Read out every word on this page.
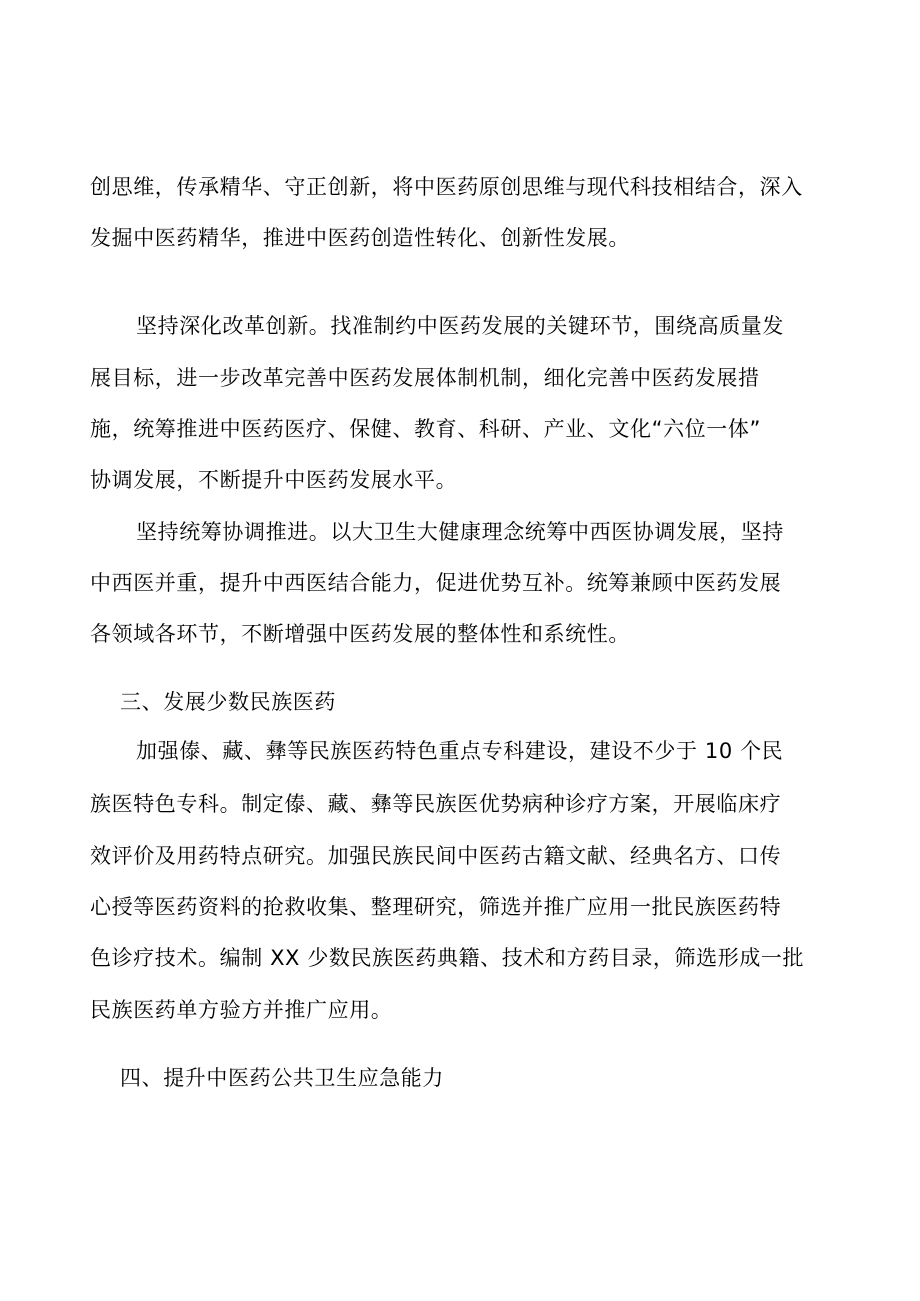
创思维，传承精华、守正创新，将中医药原创思维与现代科技相结合，深入
发掘中医药精华，推进中医药创造性转化、创新性发展。
坚持深化改革创新。找准制约中医药发展的关键环节，围绕高质量发
展目标，进一步改革完善中医药发展体制机制，细化完善中医药发展措
施，统筹推进中医药医疗、保健、教育、科研、产业、文化“六位一体”
协调发展，不断提升中医药发展水平。
坚持统筹协调推进。以大卫生大健康理念统筹中西医协调发展，坚持
中西医并重，提升中西医结合能力，促进优势互补。统筹兼顾中医药发展
各领域各环节，不断增强中医药发展的整体性和系统性。
三、发展少数民族医药
加强傣、藏、彝等民族医药特色重点专科建设，建设不少于 10 个民
族医特色专科。制定傣、藏、彝等民族医优势病种诊疗方案，开展临床疗
效评价及用药特点研究。加强民族民间中医药古籍文献、经典名方、口传
心授等医药资料的抢救收集、整理研究，筛选并推广应用一批民族医药特
色诊疗技术。编制 XX 少数民族医药典籍、技术和方药目录，筛选形成一批
民族医药单方验方并推广应用。
四、提升中医药公共卫生应急能力
